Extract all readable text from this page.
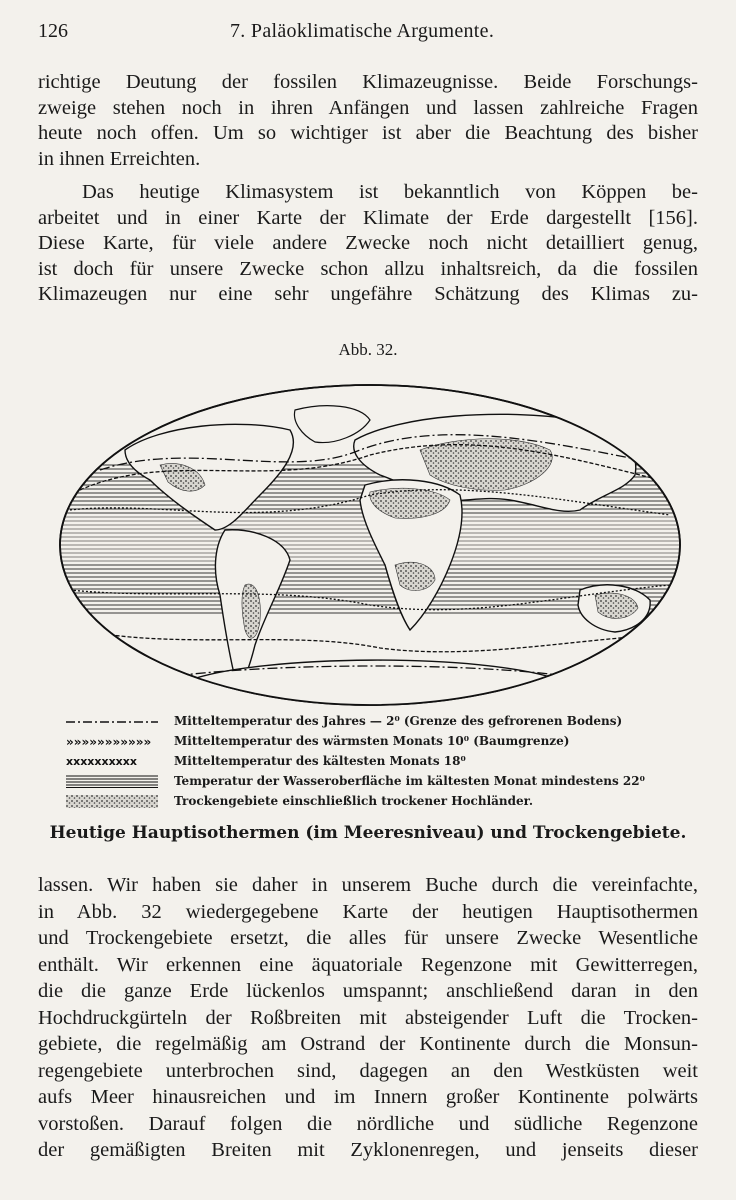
126	7. Paläoklimatische Argumente.
richtige Deutung der fossilen Klimazeugnisse. Beide Forschungs-
zweige stehen noch in ihren Anfängen und lassen zahlreiche Fragen
heute noch offen. Um so wichtiger ist aber die Beachtung des bisher
in ihnen Erreichten.
Das heutige Klimasystem ist bekanntlich von Köppen be-
arbeitet und in einer Karte der Klimate der Erde dargestellt [156].
Diese Karte, für viele andere Zwecke noch nicht detailliert genug,
ist doch für unsere Zwecke schon allzu inhaltsreich, da die fossilen
Klimazeugen nur eine sehr ungefähre Schätzung des Klimas zu-
Abb. 32.
Mitteltemperatur des Jahres — 2⁰ (Grenze des gefrorenen Bodens)
»»»»»»»»»»» Mitteltemperatur des wärmsten Monats 10⁰ (Baumgrenze)
xxxxxxxxxx	Mitteltemperatur des kältesten Monats 18⁰
Temperatur der Wasseroberfläche im kältesten Monat mindestens 22⁰
Trockengebiete einschließlich trockener Hochländer.
Heutige Hauptisothermen (im Meeresniveau) und Trockengebiete.
lassen. Wir haben sie daher in unserem Buche durch die vereinfachte,
in Abb. 32 wiedergegebene Karte der heutigen Hauptisothermen
und Trockengebiete ersetzt, die alles für unsere Zwecke Wesentliche
enthält. Wir erkennen eine äquatoriale Regenzone mit Gewitterregen,
die die ganze Erde lückenlos umspannt; anschließend daran in den
Hochdruckgürteln der Roßbreiten mit absteigender Luft die Trocken-
gebiete, die regelmäßig am Ostrand der Kontinente durch die Monsun-
regengebiete unterbrochen sind, dagegen an den Westküsten weit
aufs Meer hinausreichen und im Innern großer Kontinente polwärts
vorstoßen. Darauf folgen die nördliche und südliche Regenzone
der gemäßigten Breiten mit Zyklonenregen, und jenseits dieser
